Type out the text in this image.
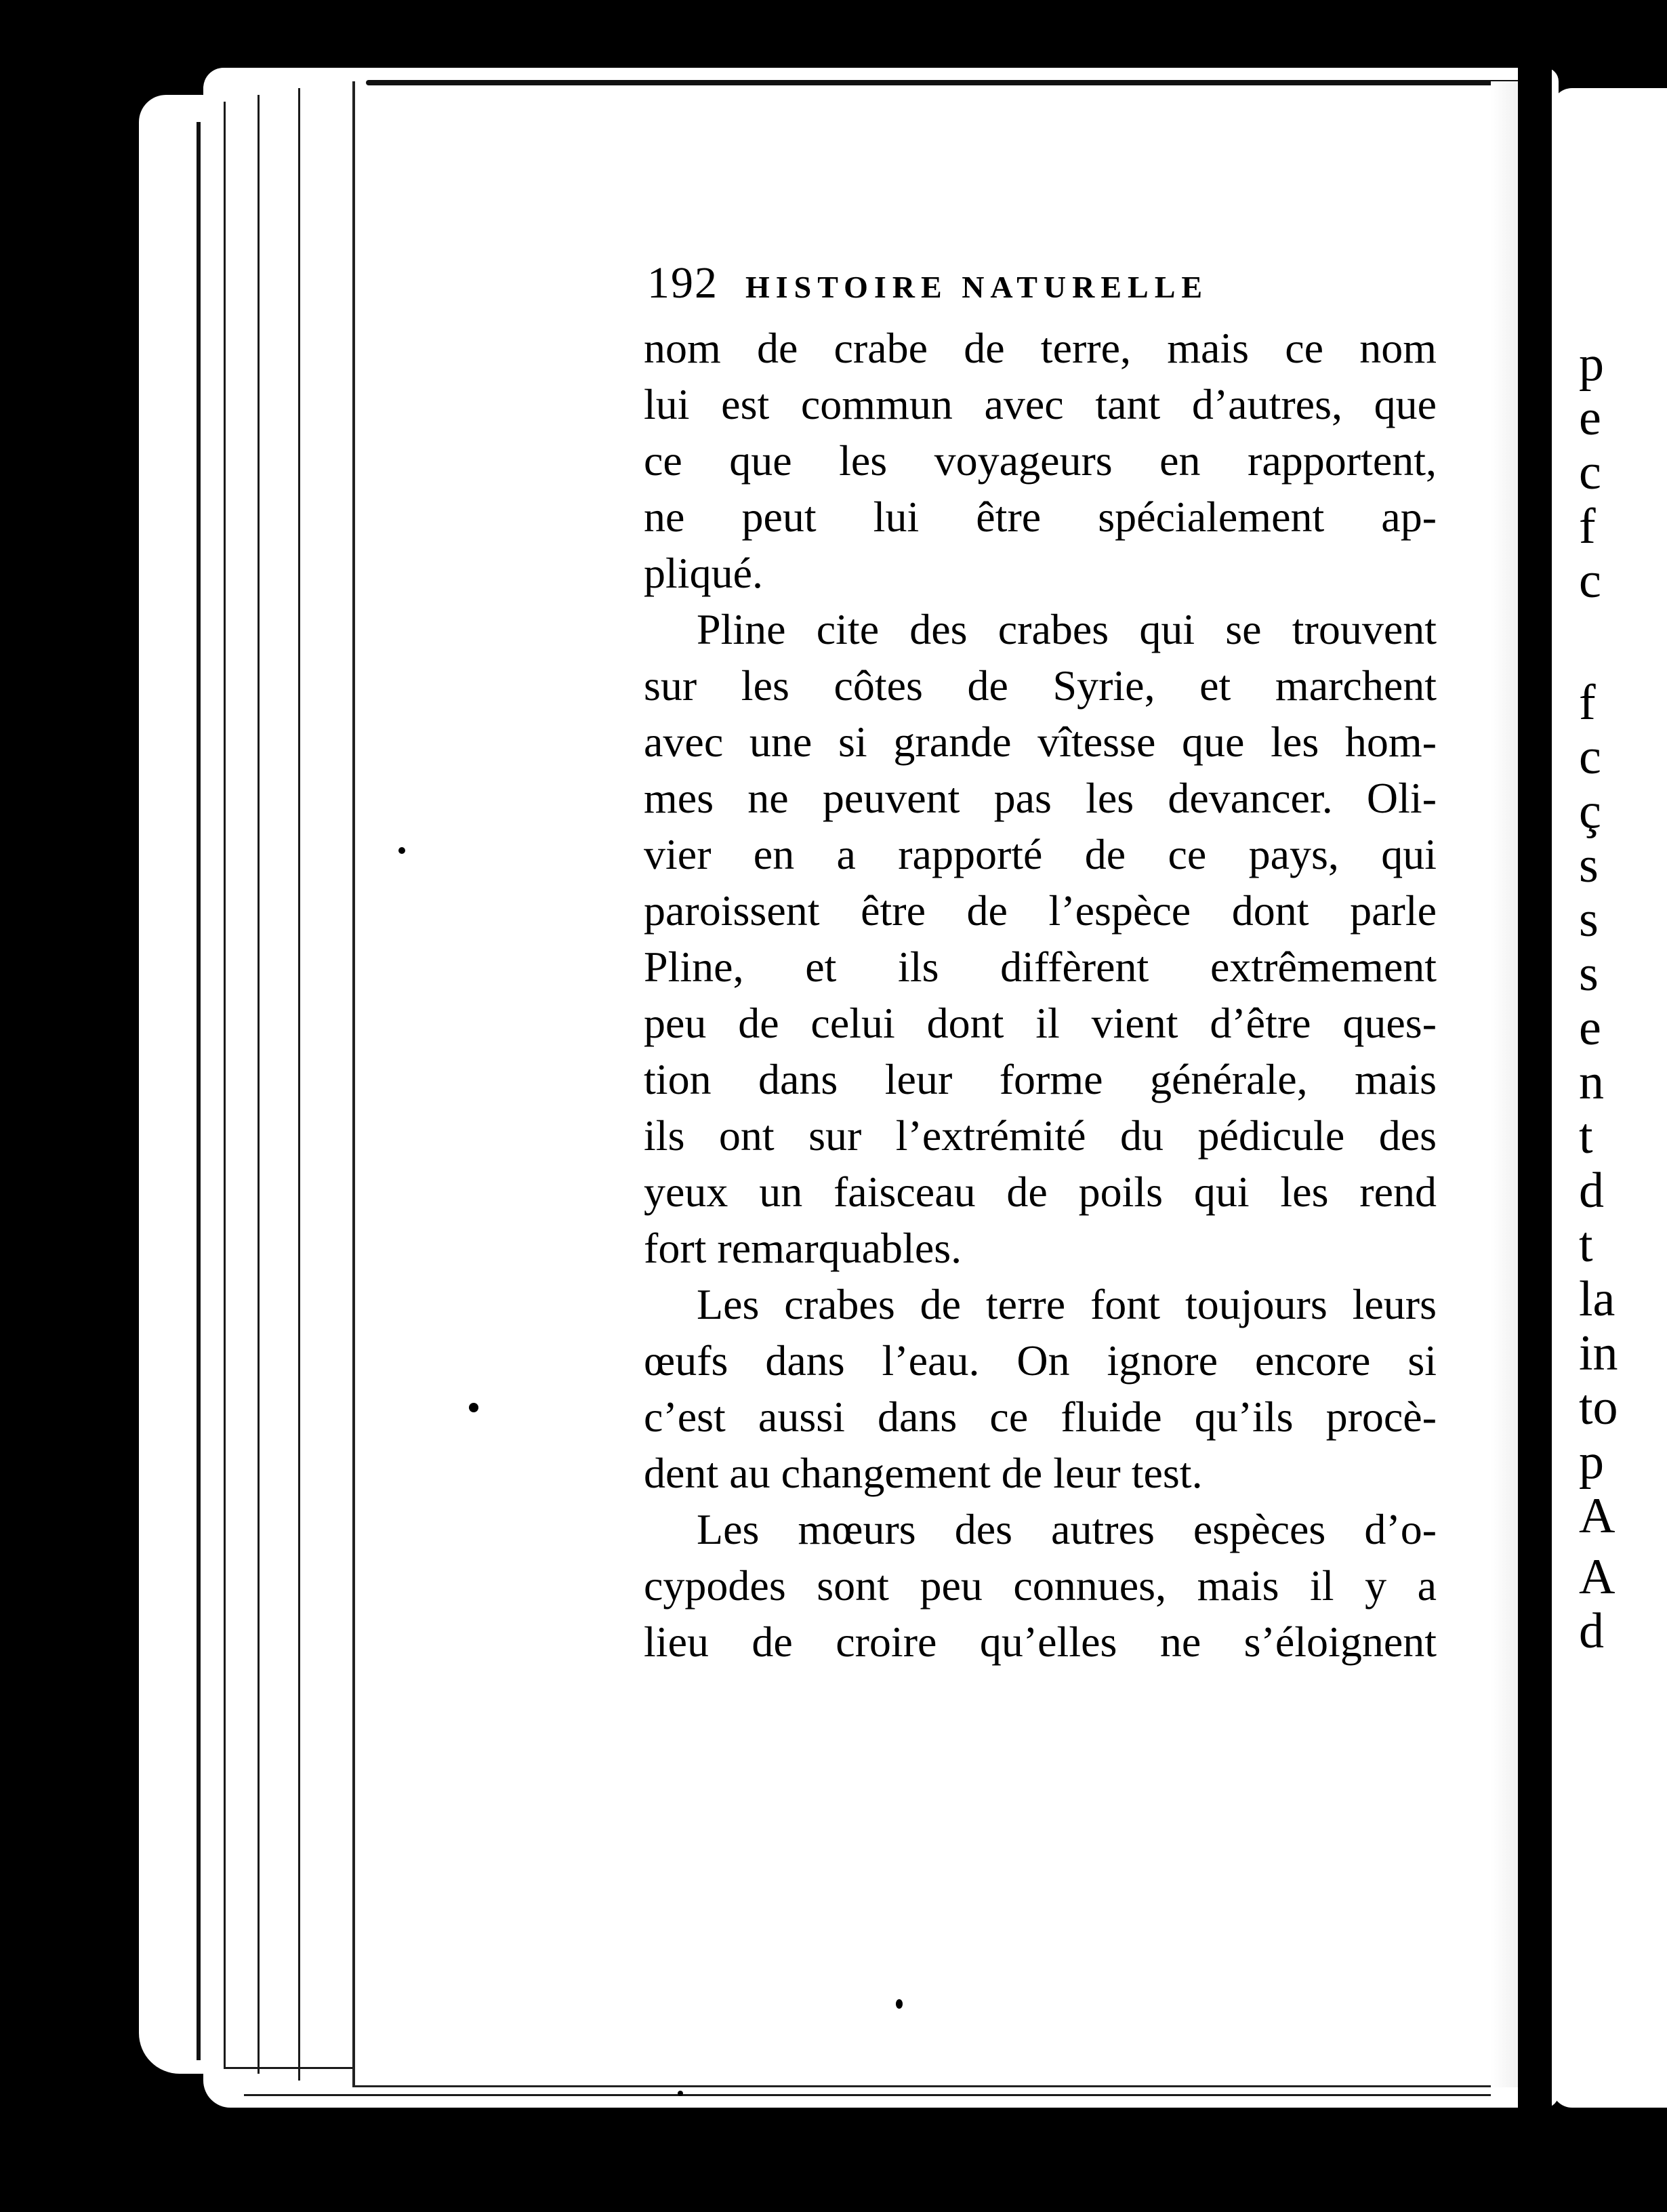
p
e
c
f
c
f
c
ç
s
s
s
e
n
t
d
t
la
in
to
p
A
A
d
192 HISTOIRE NATURELLE
nom de crabe de terre, mais ce nom
lui est commun avec tant d’autres, que
ce que les voyageurs en rapportent,
ne peut lui être spécialement ap-
pliqué.
Pline cite des crabes qui se trouvent
sur les côtes de Syrie, et marchent
avec une si grande vîtesse que les hom-
mes ne peuvent pas les devancer. Oli-
vier en a rapporté de ce pays, qui
paroissent être de l’espèce dont parle
Pline, et ils diffèrent extrêmement
peu de celui dont il vient d’être ques-
tion dans leur forme générale, mais
ils ont sur l’extrémité du pédicule des
yeux un faisceau de poils qui les rend
fort remarquables.
Les crabes de terre font toujours leurs
œufs dans l’eau. On ignore encore si
c’est aussi dans ce fluide qu’ils procè-
dent au changement de leur test.
Les mœurs des autres espèces d’o-
cypodes sont peu connues, mais il y a
lieu de croire qu’elles ne s’éloignent
